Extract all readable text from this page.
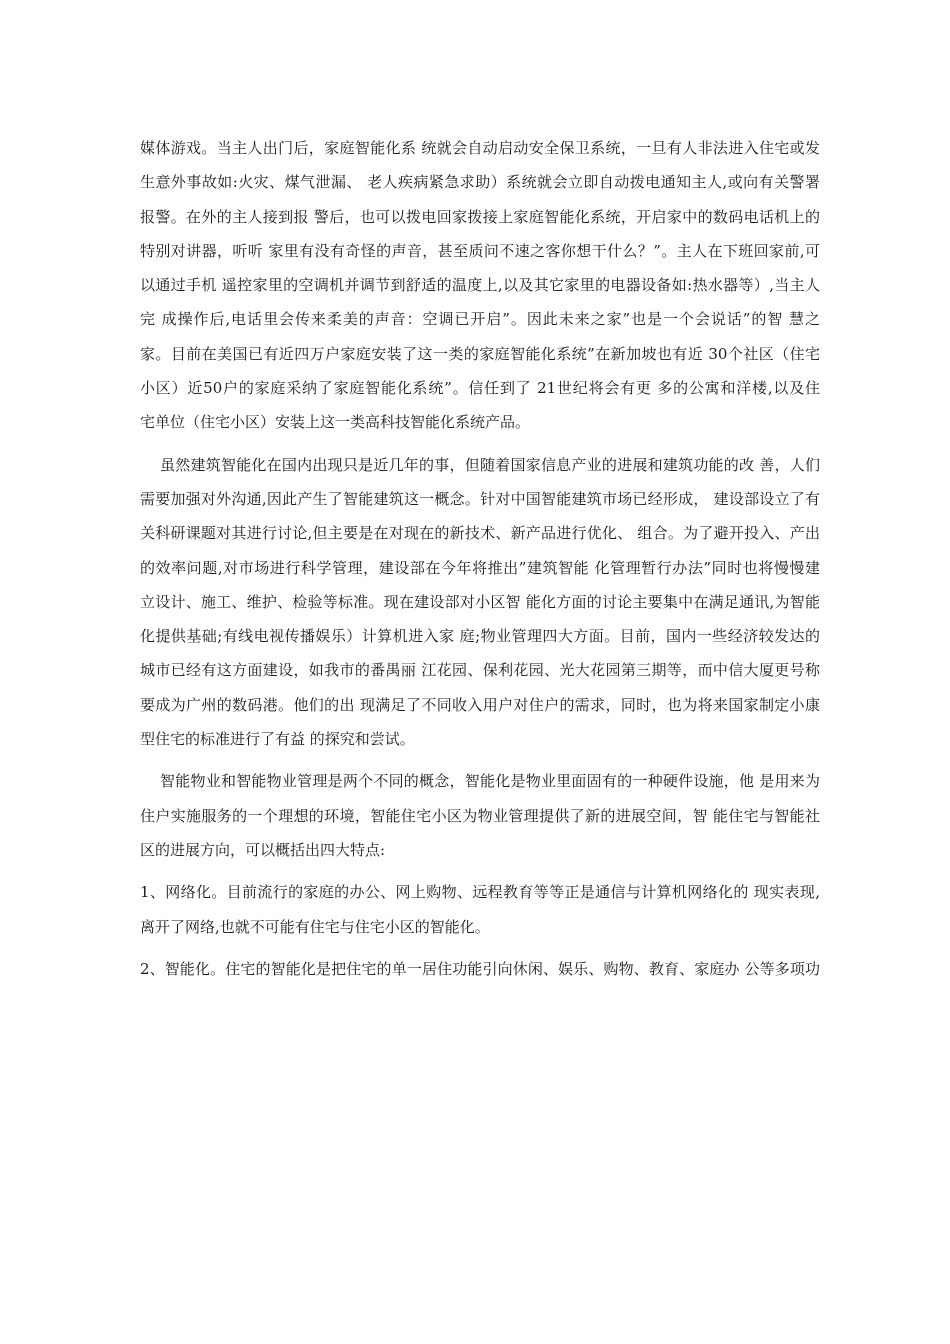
媒体游戏。当主人出门后，家庭智能化系 统就会自动启动安全保卫系统，一旦有人非法进入住宅或发
生意外事故如:火灾、煤气泄漏、 老人疾病紧急求助）系统就会立即自动拨电通知主人,或向有关警署
报警。在外的主人接到报 警后，也可以拨电回家拨接上家庭智能化系统，开启家中的数码电话机上的
特别对讲器，听听 家里有没有奇怪的声音，甚至质问不速之客你想干什么？”。主人在下班回家前,可
以通过手机 遥控家里的空调机并调节到舒适的温度上,以及其它家里的电器设备如:热水器等）,当主人
完 成操作后,电话里会传来柔美的声音：空调已开启”。因此未来之家”也是一个会说话”的智 慧之
家。目前在美国已有近四万户家庭安装了这一类的家庭智能化系统”在新加坡也有近 30个社区（住宅
小区）近50户的家庭采纳了家庭智能化系统”。信任到了 21世纪将会有更 多的公寓和洋楼,以及住
宅单位（住宅小区）安装上这一类高科技智能化系统产品。
虽然建筑智能化在国内出现只是近几年的事，但随着国家信息产业的进展和建筑功能的改 善，人们
需要加强对外沟通,因此产生了智能建筑这一概念。针对中国智能建筑市场已经形成， 建设部设立了有
关科研课题对其进行讨论,但主要是在对现在的新技术、新产品进行优化、 组合。为了避开投入、产出
的效率问题,对市场进行科学管理，建设部在今年将推出”建筑智能 化管理暂行办法”同时也将慢慢建
立设计、施工、维护、检验等标准。现在建设部对小区智 能化方面的讨论主要集中在满足通讯,为智能
化提供基础;有线电视传播娱乐）计算机进入家 庭;物业管理四大方面。目前，国内一些经济较发达的
城市已经有这方面建设，如我市的番禺丽 江花园、保利花园、光大花园第三期等，而中信大厦更号称
要成为广州的数码港。他们的出 现满足了不同收入用户对住户的需求，同时，也为将来国家制定小康
型住宅的标准进行了有益 的探究和尝试。
智能物业和智能物业管理是两个不同的概念，智能化是物业里面固有的一种硬件设施，他 是用来为
住户实施服务的一个理想的环境，智能住宅小区为物业管理提供了新的进展空间，智 能住宅与智能社
区的进展方向，可以概括出四大特点:
1、网络化。目前流行的家庭的办公、网上购物、远程教育等等正是通信与计算机网络化的 现实表现,
离开了网络,也就不可能有住宅与住宅小区的智能化。
2、智能化。住宅的智能化是把住宅的单一居住功能引向休闲、娱乐、购物、教育、家庭办 公等多项功
